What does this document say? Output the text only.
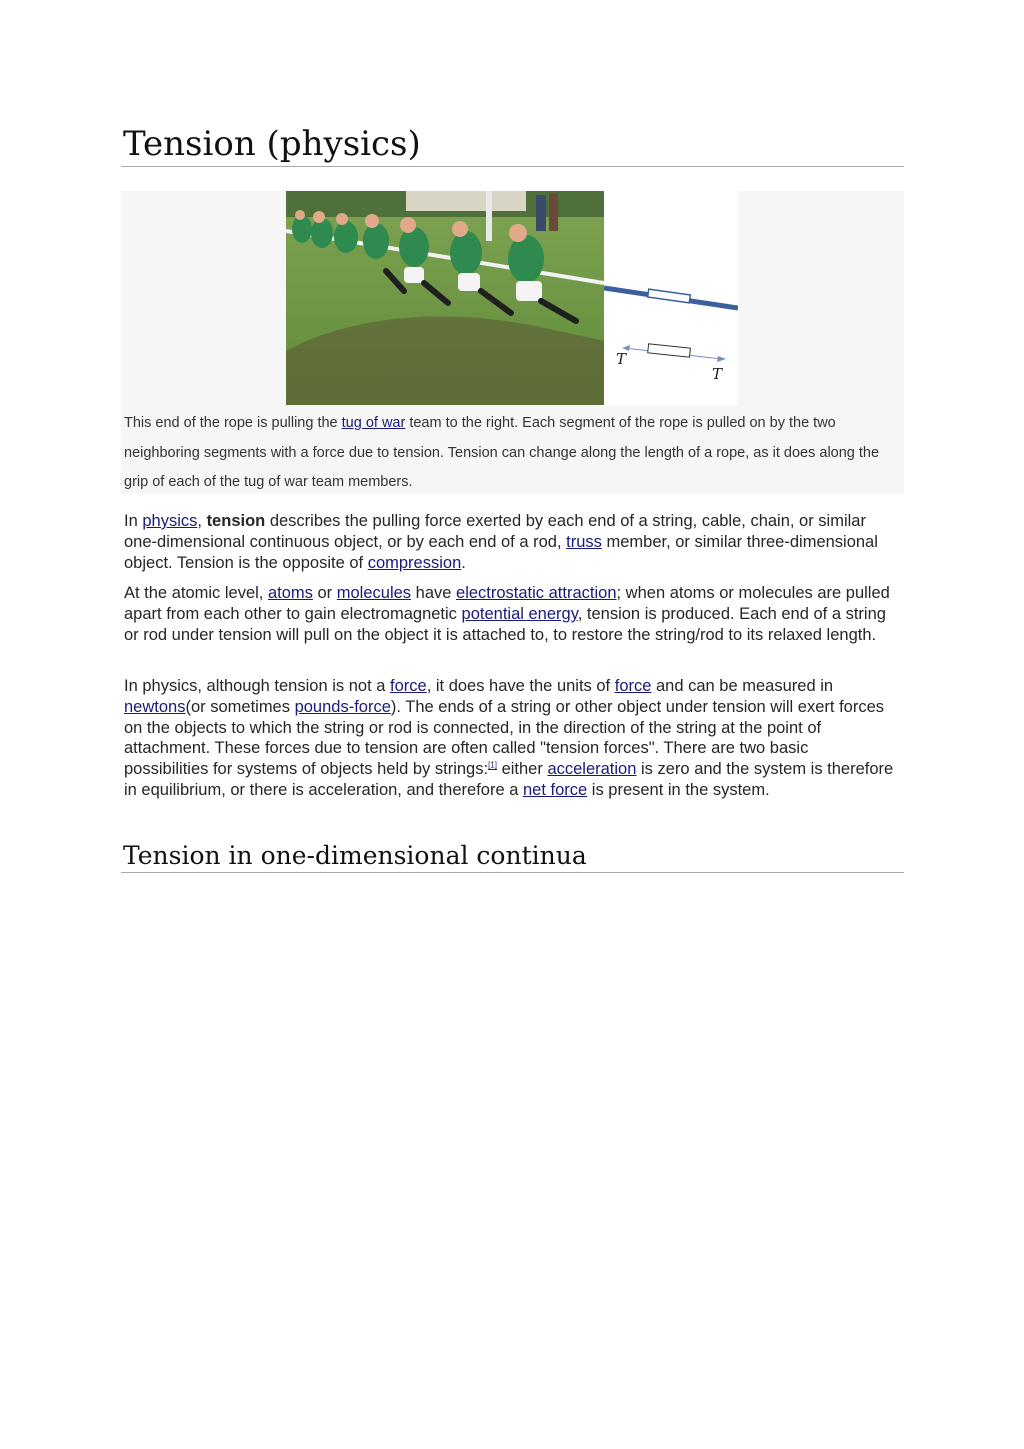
Tension (physics)
T
T
This end of the rope is pulling the tug of war team to the right. Each segment of the rope is pulled on by the two neighboring segments with a force due to tension. Tension can change along the length of a rope, as it does along the grip of each of the tug of war team members.

In physics, tension describes the pulling force exerted by each end of a string, cable, chain, or similar one-dimensional continuous object, or by each end of a rod, truss member, or similar three-dimensional object. Tension is the opposite of compression.

At the atomic level, atoms or molecules have electrostatic attraction; when atoms or molecules are pulled apart from each other to gain electromagnetic potential energy, tension is produced. Each end of a string or rod under tension will pull on the object it is attached to, to restore the string/rod to its relaxed length.

In physics, although tension is not a force, it does have the units of force and can be measured in newtons(or sometimes pounds-force). The ends of a string or other object under tension will exert forces on the objects to which the string or rod is connected, in the direction of the string at the point of attachment. These forces due to tension are often called "tension forces". There are two basic possibilities for systems of objects held by strings:[1] either acceleration is zero and the system is therefore in equilibrium, or there is acceleration, and therefore a net force is present in the system.

Tension in one-dimensional continua
